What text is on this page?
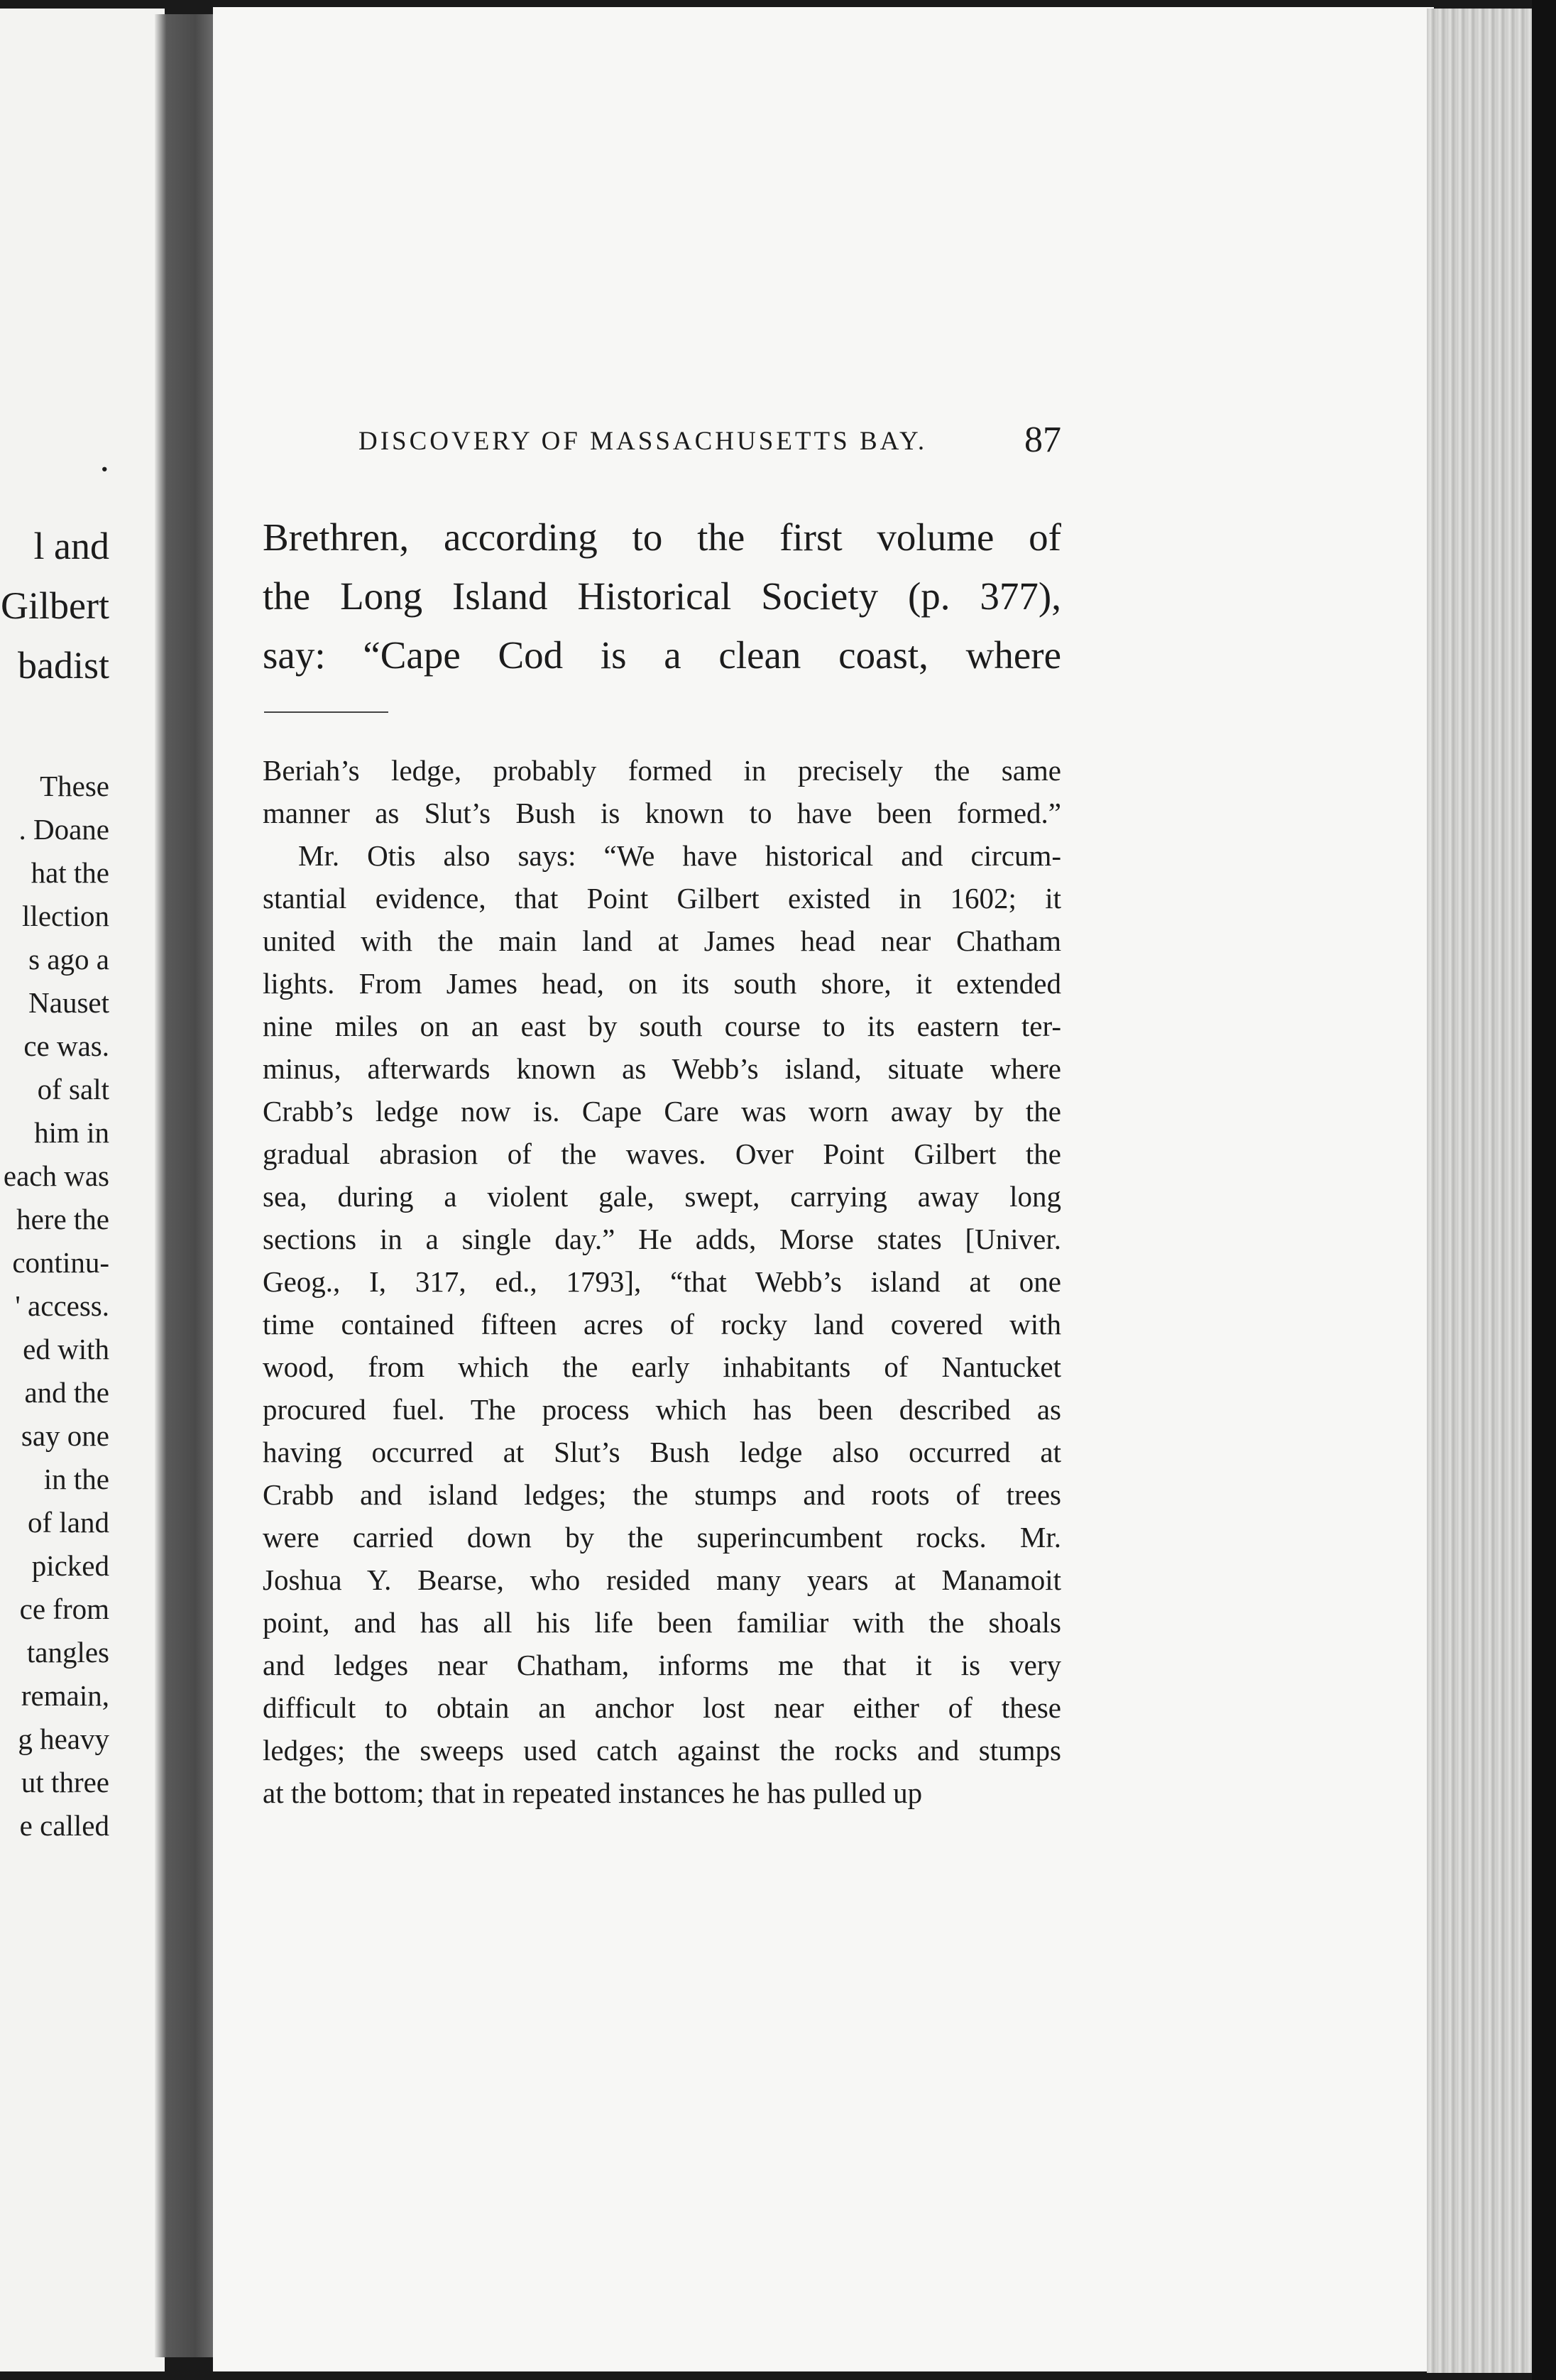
.
l and
Gilbert
badist
These
. Doane
hat the
llection
s ago a
Nauset
ce was.
of salt
him in
each was
here the
continu-
' access.
ed with
and the
say one
in the
of land
picked
ce from
tangles
remain,
g heavy
ut three
e called
DISCOVERY OF MASSACHUSETTS BAY.	87
Brethren, according to the first volume of
the Long Island Historical Society (p. 377),
say: “Cape Cod is a clean coast, where
Beriah’s ledge, probably formed in precisely the same
manner as Slut’s Bush is known to have been formed.”
Mr. Otis also says: “We have historical and circum-
stantial evidence, that Point Gilbert existed in 1602; it
united with the main land at James head near Chatham
lights. From James head, on its south shore, it extended
nine miles on an east by south course to its eastern ter-
minus, afterwards known as Webb’s island, situate where
Crabb’s ledge now is. Cape Care was worn away by the
gradual abrasion of the waves. Over Point Gilbert the
sea, during a violent gale, swept, carrying away long
sections in a single day.” He adds, Morse states [Univer.
Geog., I, 317, ed., 1793], “that Webb’s island at one
time contained fifteen acres of rocky land covered with
wood, from which the early inhabitants of Nantucket
procured fuel. The process which has been described as
having occurred at Slut’s Bush ledge also occurred at
Crabb and island ledges; the stumps and roots of trees
were carried down by the superincumbent rocks. Mr.
Joshua Y. Bearse, who resided many years at Manamoit
point, and has all his life been familiar with the shoals
and ledges near Chatham, informs me that it is very
difficult to obtain an anchor lost near either of these
ledges; the sweeps used catch against the rocks and stumps
at the bottom; that in repeated instances he has pulled up
